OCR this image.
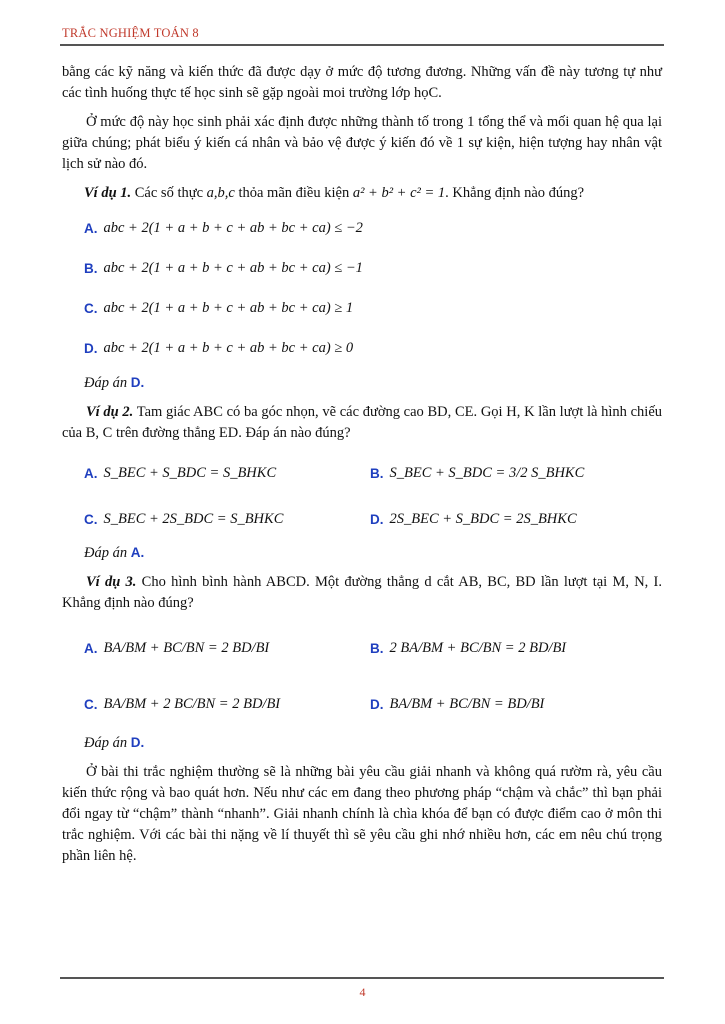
TRẮC NGHIỆM TOÁN 8

bằng các kỹ năng và kiến thức đã được dạy ở mức độ tương đương. Những vấn đề này tương tự như các tình huống thực tế học sinh sẽ gặp ngoài moi trường lớp họC.

Ở mức độ này học sinh phải xác định được những thành tố trong 1 tổng thể và mối quan hệ qua lại giữa chúng; phát biểu ý kiến cá nhân và bảo vệ được ý kiến đó về 1 sự kiện, hiện tượng hay nhân vật lịch sử nào đó.

Ví dụ 1. Các số thực a,b,c thỏa mãn điều kiện a² + b² + c² = 1. Khẳng định nào đúng?

A. abc + 2(1 + a + b + c + ab + bc + ca) ≤ −2
B. abc + 2(1 + a + b + c + ab + bc + ca) ≤ −1
C. abc + 2(1 + a + b + c + ab + bc + ca) ≥ 1
D. abc + 2(1 + a + b + c + ab + bc + ca) ≥ 0
Đáp án D.

Ví dụ 2. Tam giác ABC có ba góc nhọn, vẽ các đường cao BD, CE. Gọi H, K lần lượt là hình chiếu của B, C trên đường thẳng ED. Đáp án nào đúng?

A. S_BEC + S_BDC = S_BHKC	B. S_BEC + S_BDC = 3/2 S_BHKC
C. S_BEC + 2S_BDC = S_BHKC	D. 2S_BEC + S_BDC = 2S_BHKC
Đáp án A.

Ví dụ 3. Cho hình bình hành ABCD. Một đường thẳng d cắt AB, BC, BD lần lượt tại M, N, I. Khẳng định nào đúng?

A. BA/BM + BC/BN = 2 BD/BI	B. 2 BA/BM + BC/BN = 2 BD/BI
C. BA/BM + 2 BC/BN = 2 BD/BI	D. BA/BM + BC/BN = BD/BI
Đáp án D.

Ở bài thi trắc nghiệm thường sẽ là những bài yêu cầu giải nhanh và không quá rườm rà, yêu cầu kiến thức rộng và bao quát hơn. Nếu như các em đang theo phương pháp “chậm và chắc” thì bạn phải đổi ngay từ “chậm” thành “nhanh”. Giải nhanh chính là chìa khóa để bạn có được điểm cao ở môn thi trắc nghiệm. Với các bài thi nặng về lí thuyết thì sẽ yêu cầu ghi nhớ nhiều hơn, các em nêu chú trọng phần liên hệ.

4
